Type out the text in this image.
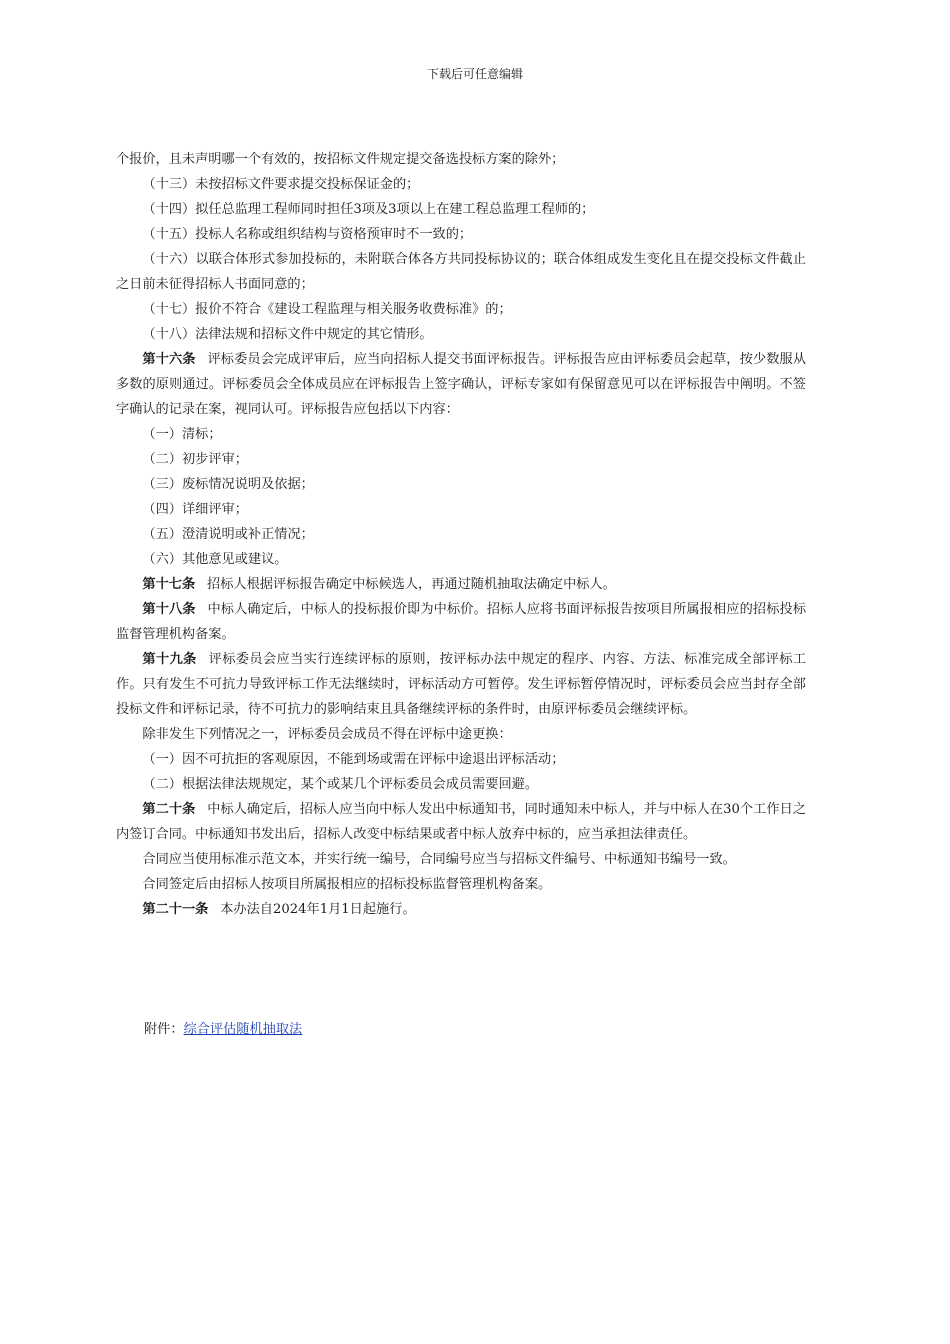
下载后可任意编辑

个报价，且未声明哪一个有效的，按招标文件规定提交备选投标方案的除外；

（十三）未按招标文件要求提交投标保证金的；

（十四）拟任总监理工程师同时担任3项及3项以上在建工程总监理工程师的；

（十五）投标人名称或组织结构与资格预审时不一致的；

（十六）以联合体形式参加投标的，未附联合体各方共同投标协议的；联合体组成发生变化且在提交投标文件截止之日前未征得招标人书面同意的；

（十七）报价不符合《建设工程监理与相关服务收费标准》的；

（十八）法律法规和招标文件中规定的其它情形。

第十六条 评标委员会完成评审后，应当向招标人提交书面评标报告。评标报告应由评标委员会起草，按少数服从多数的原则通过。评标委员会全体成员应在评标报告上签字确认，评标专家如有保留意见可以在评标报告中阐明。不签字确认的记录在案，视同认可。评标报告应包括以下内容：

（一）清标；

（二）初步评审；

（三）废标情况说明及依据；

（四）详细评审；

（五）澄清说明或补正情况；

（六）其他意见或建议。

第十七条 招标人根据评标报告确定中标候选人，再通过随机抽取法确定中标人。

第十八条 中标人确定后，中标人的投标报价即为中标价。招标人应将书面评标报告按项目所属报相应的招标投标监督管理机构备案。

第十九条 评标委员会应当实行连续评标的原则，按评标办法中规定的程序、内容、方法、标准完成全部评标工作。只有发生不可抗力导致评标工作无法继续时，评标活动方可暂停。发生评标暂停情况时，评标委员会应当封存全部投标文件和评标记录，待不可抗力的影响结束且具备继续评标的条件时，由原评标委员会继续评标。

除非发生下列情况之一，评标委员会成员不得在评标中途更换：

（一）因不可抗拒的客观原因，不能到场或需在评标中途退出评标活动；

（二）根据法律法规规定，某个或某几个评标委员会成员需要回避。

第二十条 中标人确定后，招标人应当向中标人发出中标通知书，同时通知未中标人，并与中标人在30个工作日之内签订合同。中标通知书发出后，招标人改变中标结果或者中标人放弃中标的，应当承担法律责任。

合同应当使用标准示范文本，并实行统一编号，合同编号应当与招标文件编号、中标通知书编号一致。

合同签定后由招标人按项目所属报相应的招标投标监督管理机构备案。

第二十一条 本办法自2024年1月1日起施行。

附件：综合评估随机抽取法
